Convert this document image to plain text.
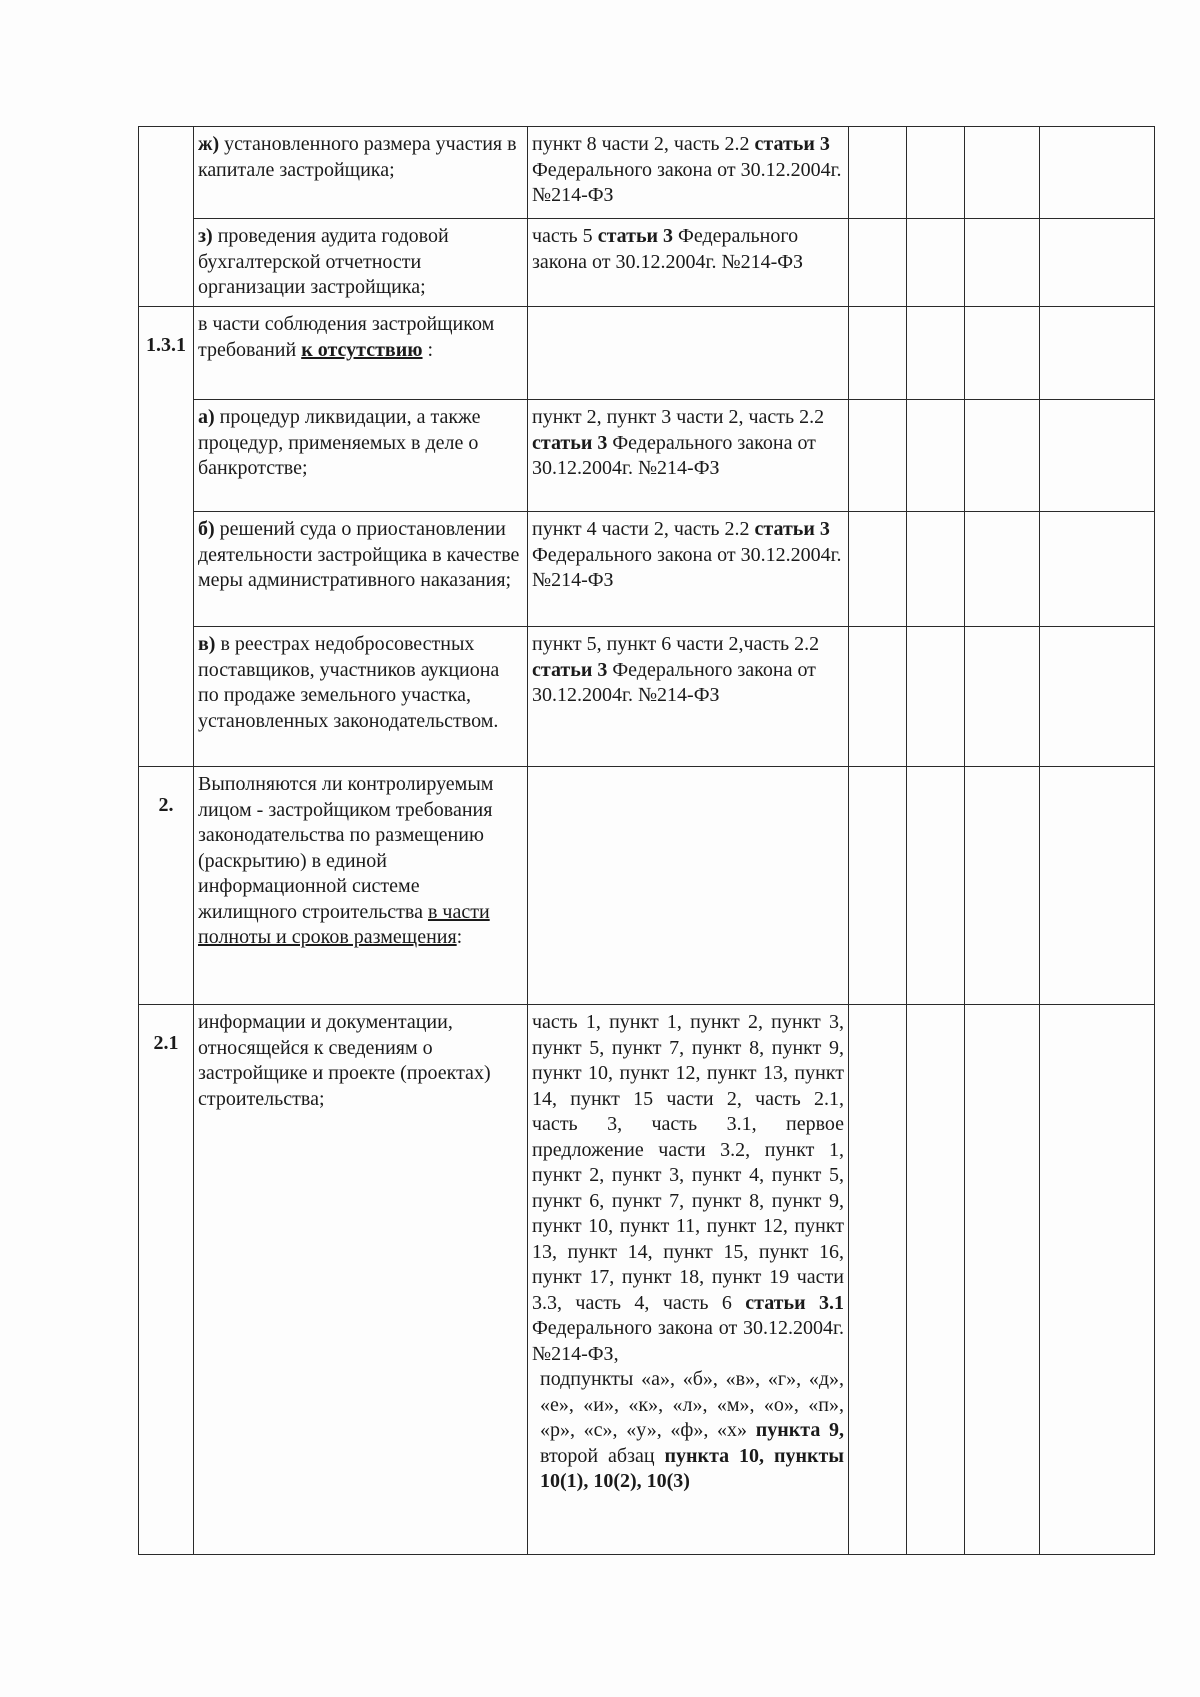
	ж) установленного размера участия в капитале застройщика;	пункт 8 части 2, часть 2.2 статьи 3 Федерального закона от 30.12.2004г. №214-ФЗ				
	з) проведения аудита годовой бухгалтерской отчетности организации застройщика;	часть 5 статьи 3 Федерального закона от 30.12.2004г. №214-ФЗ				
1.3.1	в части соблюдения застройщиком требований к отсутствию :					
	а) процедур ликвидации, а также процедур, применяемых в деле о банкротстве;	пункт 2, пункт 3 части 2, часть 2.2 статьи 3 Федерального закона от 30.12.2004г. №214-ФЗ				
	б) решений суда о приостановлении деятельности застройщика в качестве меры административного наказания;	пункт 4 части 2, часть 2.2 статьи 3 Федерального закона от 30.12.2004г. №214-ФЗ				
	в) в реестрах недобросовестных поставщиков, участников аукциона по продаже земельного участка, установленных законодательством.	пункт 5, пункт 6 части 2,часть 2.2 статьи 3 Федерального закона от 30.12.2004г. №214-ФЗ				
2.	Выполняются ли контролируемым лицом - застройщиком требования законодательства по размещению (раскрытию) в единой информационной системе жилищного строительства в части полноты и сроков размещения:					
2.1	информации и документации, относящейся к сведениям о застройщике и проекте (проектах) строительства;	часть 1, пункт 1, пункт 2, пункт 3, пункт 5, пункт 7, пункт 8, пункт 9, пункт 10, пункт 12, пункт 13, пункт 14, пункт 15 части 2, часть 2.1, часть 3, часть 3.1, первое предложение части 3.2, пункт 1, пункт 2, пункт 3, пункт 4, пункт 5, пункт 6, пункт 7, пункт 8, пункт 9, пункт 10, пункт 11, пункт 12, пункт 13, пункт 14, пункт 15, пункт 16, пункт 17, пункт 18, пункт 19 части 3.3, часть 4, часть 6 статьи 3.1 Федерального закона от 30.12.2004г. №214-ФЗ,
подпункты «а», «б», «в», «г», «д», «е», «и», «к», «л», «м», «о», «п», «р», «с», «у», «ф», «х» пункта 9, второй абзац пункта 10, пункты 10(1), 10(2), 10(3)				
